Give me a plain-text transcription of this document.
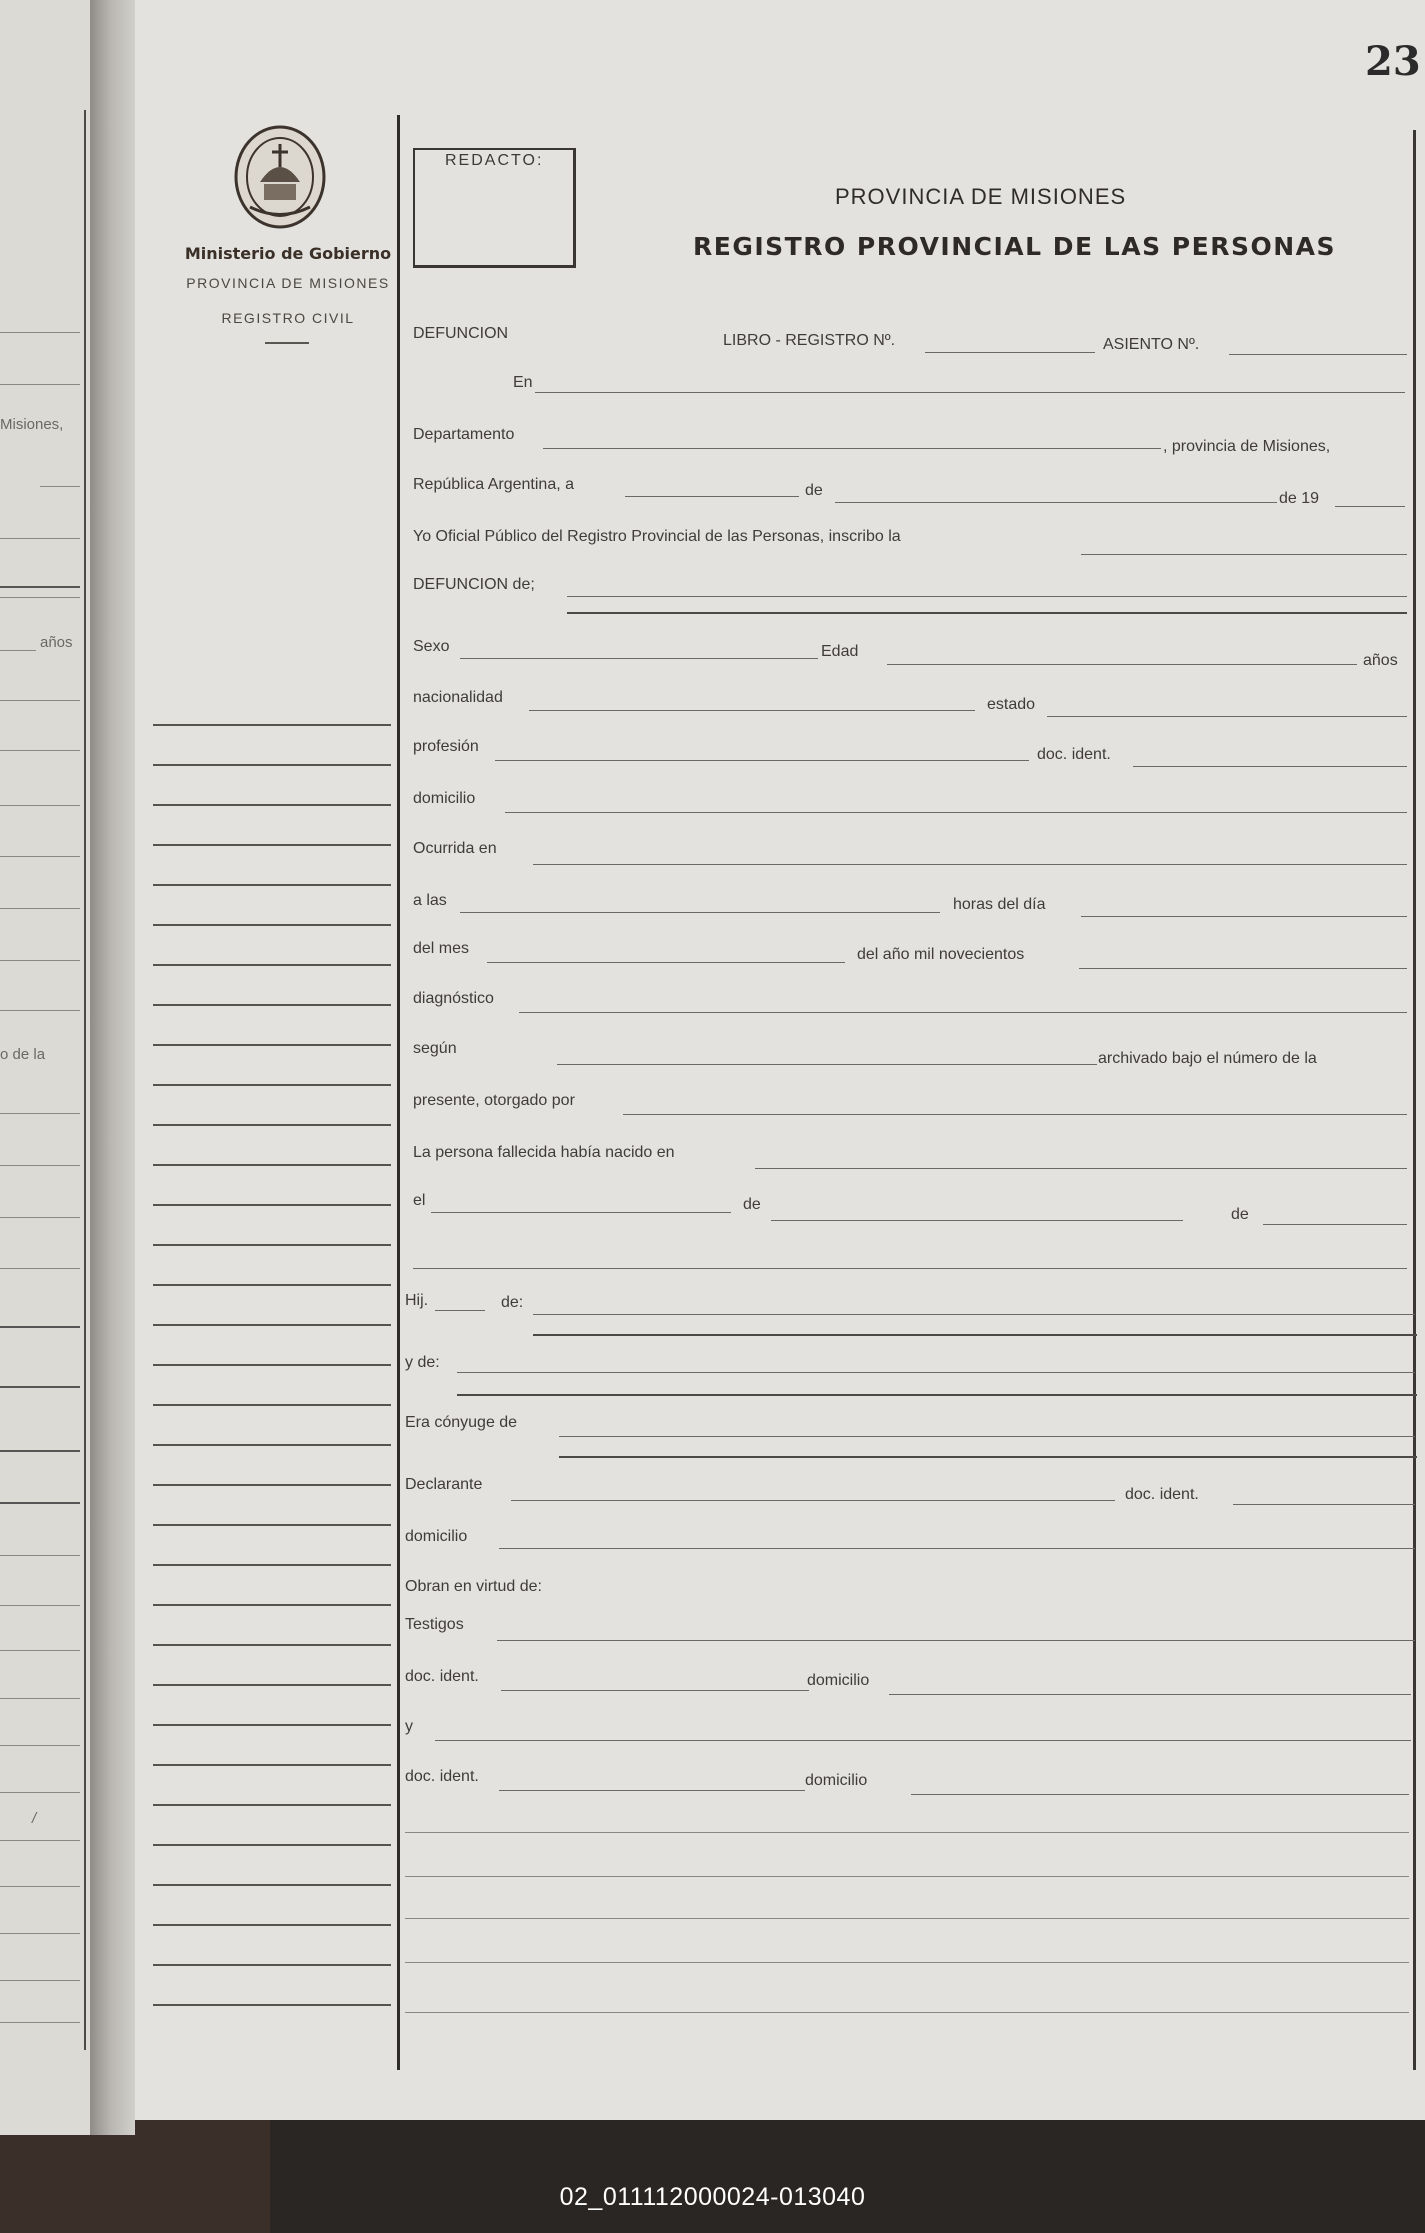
Misiones,
años
o de la
/
23
Ministerio de Gobierno
PROVINCIA DE MISIONES
REGISTRO CIVIL
REDACTO:
PROVINCIA DE MISIONES
REGISTRO PROVINCIAL DE LAS PERSONAS
DEFUNCION	LIBRO - REGISTRO Nº.	ASIENTO Nº.
En
Departamento
, provincia de Misiones,
República Argentina, a	de	de 19
Yo Oficial Público del Registro Provincial de las Personas, inscribo la
DEFUNCION de;
Sexo	Edad
años
nacionalidad	estado
profesión	doc. ident.
domicilio
Ocurrida en
a las	horas del día
del mes	del año mil novecientos
diagnóstico
según
archivado bajo el número de la
presente, otorgado por
La persona fallecida había nacido en
el	de
de
Hij.	de:
y de:
Era cónyuge de
Declarante
doc. ident.
domicilio
Obran en virtud de:
Testigos
doc. ident.	domicilio
y
doc. ident.	domicilio
02_011112000024-013040
